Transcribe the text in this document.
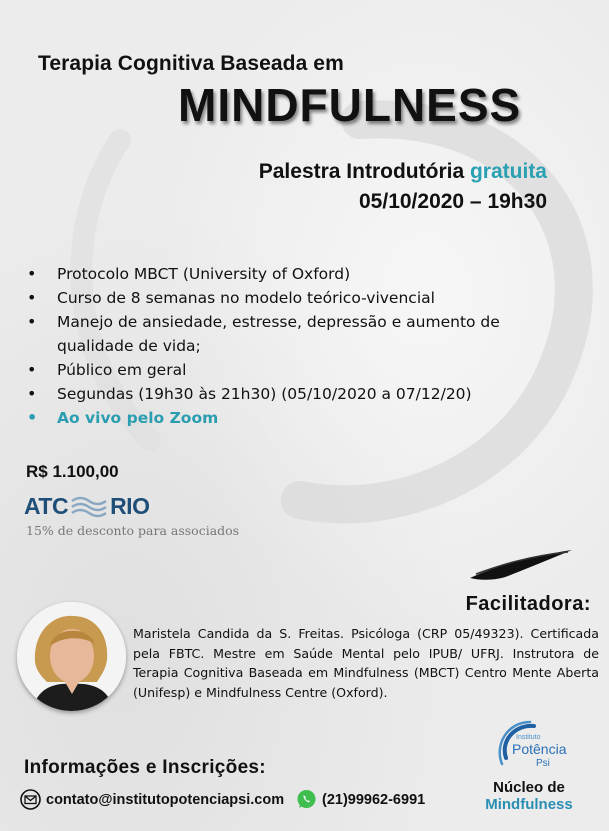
Terapia Cognitiva Baseada em
MINDFULNESS
Palestra Introdutória gratuita
05/10/2020 – 19h30
• Protocolo MBCT (University of Oxford)
• Curso de 8 semanas no modelo teórico-vivencial
• Manejo de ansiedade, estresse, depressão e aumento de qualidade de vida;
• Público em geral
• Segundas (19h30 às 21h30) (05/10/2020 a 07/12/20)
• Ao vivo pelo Zoom
R$ 1.100,00
ATC RIO
15% de desconto para associados
Facilitadora:
Maristela Candida da S. Freitas. Psicóloga (CRP 05/49323). Certificada pela FBTC. Mestre em Saúde Mental pelo IPUB/ UFRJ. Instrutora de Terapia Cognitiva Baseada em Mindfulness (MBCT) Centro Mente Aberta (Unifesp) e Mindfulness Centre (Oxford).
Informações e Inscrições:
contato@institutopotenciapsi.com	(21)99962-6991
Instituto
Potência
Psi
Núcleo de
Mindfulness
